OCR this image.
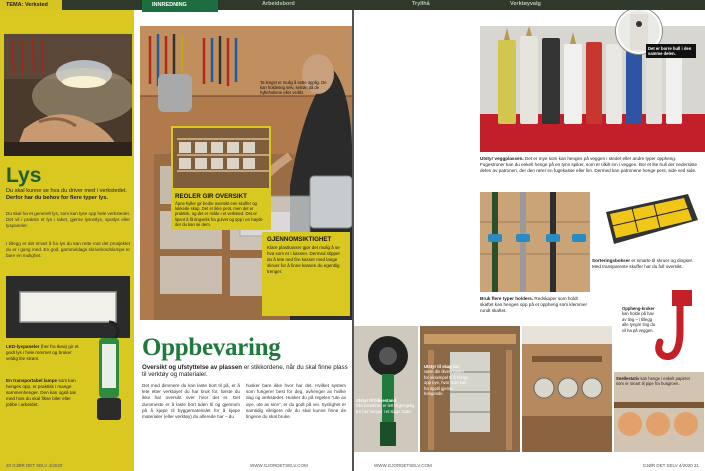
TEMA: Verksted	INNREDNING	Arbeidsbord	Tryllhå	Verktøyvalg
Lys
Du skal kunne se hva du driver med i verkstedet. Derfor har du behov for flere typer lys.
Du skal ha et generelt lys, som kan lyse opp hele verkstedet. Det vil i praksis et lys i taket, gjerne lysrørlys, spotlys eller lyspaneler.
I tillegg er det smart å ha lys du kan rette mot det prosjektet du er i gang med. En god, gammeldags skrivebordslampe er bare en mulighet.
LED-lyspaneler (her fra Ikea) gir et godt lys i hele rommet og bruker veldig lite strøm.
En transportabel lampe som kan henges opp, er praktisk i mange sammenhenger. Den kan også tas med hvis du skal fikse biler eller jobbe i arbeidet.
Ta lengst er mulig å sette opplig. De kan holdeseg selv, setrøn på de hyllehullene eller veilikt.
REOLER GIR OVERSIKT
Åpne hyller gir bedre oversikt enn skuffer og lukkede skap. Det er ikke pent, men det er praktisk, og det er milde i et verksted. Det er lipent å få tingvekk fra gulvet og opp i en høyde der du kan se dem.
GJENNOMSIKTIGHET
Klare plastkasser gjør det mulig å se hva som er i kassen. Dermed slipper du å lete ned fire kasser med lange skruer for å finne kassen du egentlig trenger.
Oppbevaring
Oversikt og ufstyttelse av plassen er stikkordene, når du skal finne plass til verktøy og materialer.
Det med dimmere du kan laste bort til på, er å lete etter verktøyet du har bruk for, første du ikke har oversikt over hvor det er. Det dummeste er å laste bort tiden til og gjennom på å kjøpe til byggematerialet for å kjøpe materialer (eller verktøy) du allerede har – du
husker bare ikke hvor har det. Hvilket system som fungerer best for deg, avhenger av hvilke dag og verkstedet. Husker du på regelen “ute av øye, ute av sinn”, er du godt på vei. Synlighet er samtidig viktigere når du skal kunne finne de tingene du skal bruke.
20 GJØR DET SELV 4/2020	WWW.GJORDETSELV.COM
Det er borre hull i den samme delen.
Utstyr veggplassen. Det er mye som kan henges på veggen i stedet eller andre typer oppheng. Fugestruner kan du enkelt henge på en tynn spiker, som er tilkilt inn i veggen. Bor et lite hull der nedersiste delen av patronen, der den rører en fugekasse eller lim. Dermed kan patronene henge pent, side ved side.
Bruk flere typer holders. Redskaper som holdt skaftet kan henges opp på et oppheng som klemmer rundt skaftet.
Sorteringsbokser er smarte til skruer og dingser. Med transparente skuffer har du full oversikt.
Oppheng-kroker kan holde på hav av ting – i tillegg alle tyngre ting du vil ha på veggen.
Utstyr til blåsestand. Skrumaskiner er lett tilgjengelig. En har henger i et slags stativ.
Utstyr til skap kan være din tilverkstadet, for eksempel til å henge opp nye, hvor man kan ha opptil gjerne hengende.
Snellestativ kan henge i enkelt papirrer som er smart til pipe fra husgroen.
WWW.GJORDETSELV.COM	GJØR DET SELV 4/2020 21
